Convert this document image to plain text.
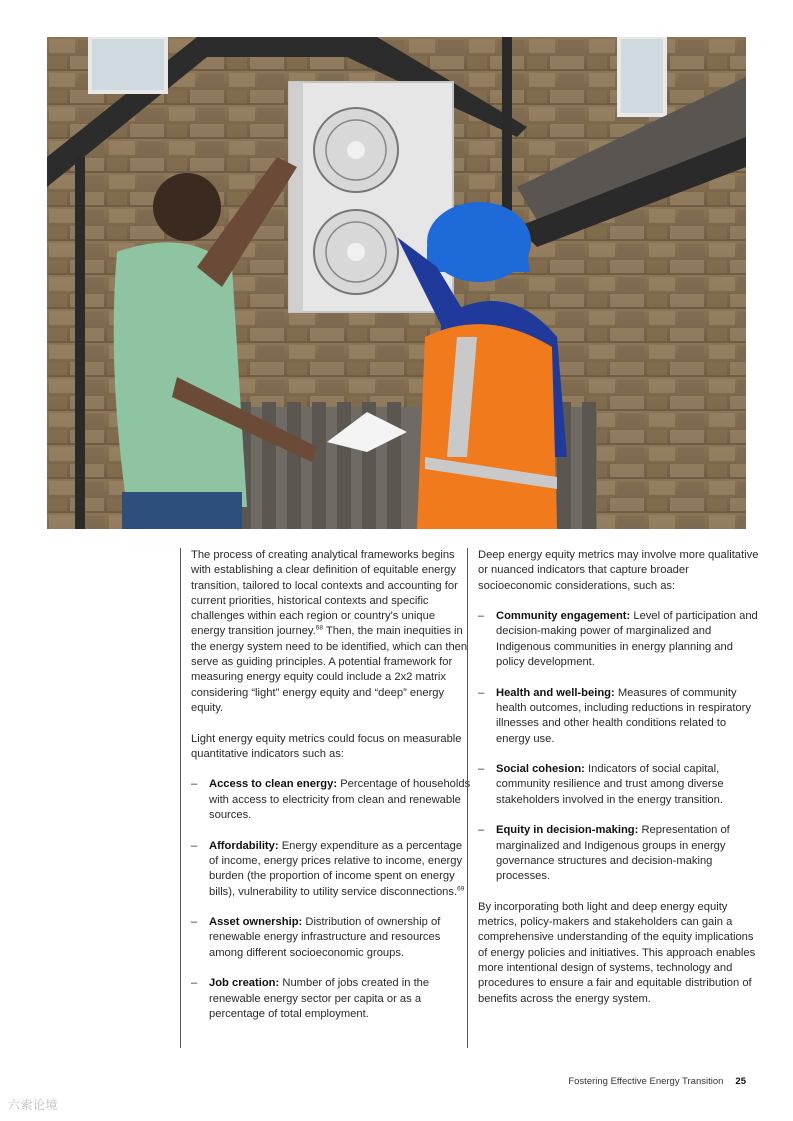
The process of creating analytical frameworks begins with establishing a clear definition of equitable energy transition, tailored to local contexts and accounting for current priorities, historical contexts and specific challenges within each region or country's unique energy transition journey.$^{68}$ Then, the main inequities in the energy system need to be identified, which can then serve as guiding principles. A potential framework for measuring energy equity could include a 2x2 matrix considering “light” energy equity and “deep” energy equity.

Light energy equity metrics could focus on measurable quantitative indicators such as:

– Access to clean energy: Percentage of households with access to electricity from clean and renewable sources.
– Affordability: Energy expenditure as a percentage of income, energy prices relative to income, energy burden (the proportion of income spent on energy bills), vulnerability to utility service disconnections.$^{69}$
– Asset ownership: Distribution of ownership of renewable energy infrastructure and resources among different socioeconomic groups.
– Job creation: Number of jobs created in the renewable energy sector per capita or as a percentage of total employment.

Deep energy equity metrics may involve more qualitative or nuanced indicators that capture broader socioeconomic considerations, such as:

– Community engagement: Level of participation and decision-making power of marginalized and Indigenous communities in energy planning and policy development.
– Health and well-being: Measures of community health outcomes, including reductions in respiratory illnesses and other health conditions related to energy use.
– Social cohesion: Indicators of social capital, community resilience and trust among diverse stakeholders involved in the energy transition.
– Equity in decision-making: Representation of marginalized and Indigenous groups in energy governance structures and decision-making processes.

By incorporating both light and deep energy equity metrics, policy-makers and stakeholders can gain a comprehensive understanding of the equity implications of energy policies and initiatives. This approach enables more intentional design of systems, technology and procedures to ensure a fair and equitable distribution of benefits across the energy system.

Fostering Effective Energy Transition 25
六索论境
